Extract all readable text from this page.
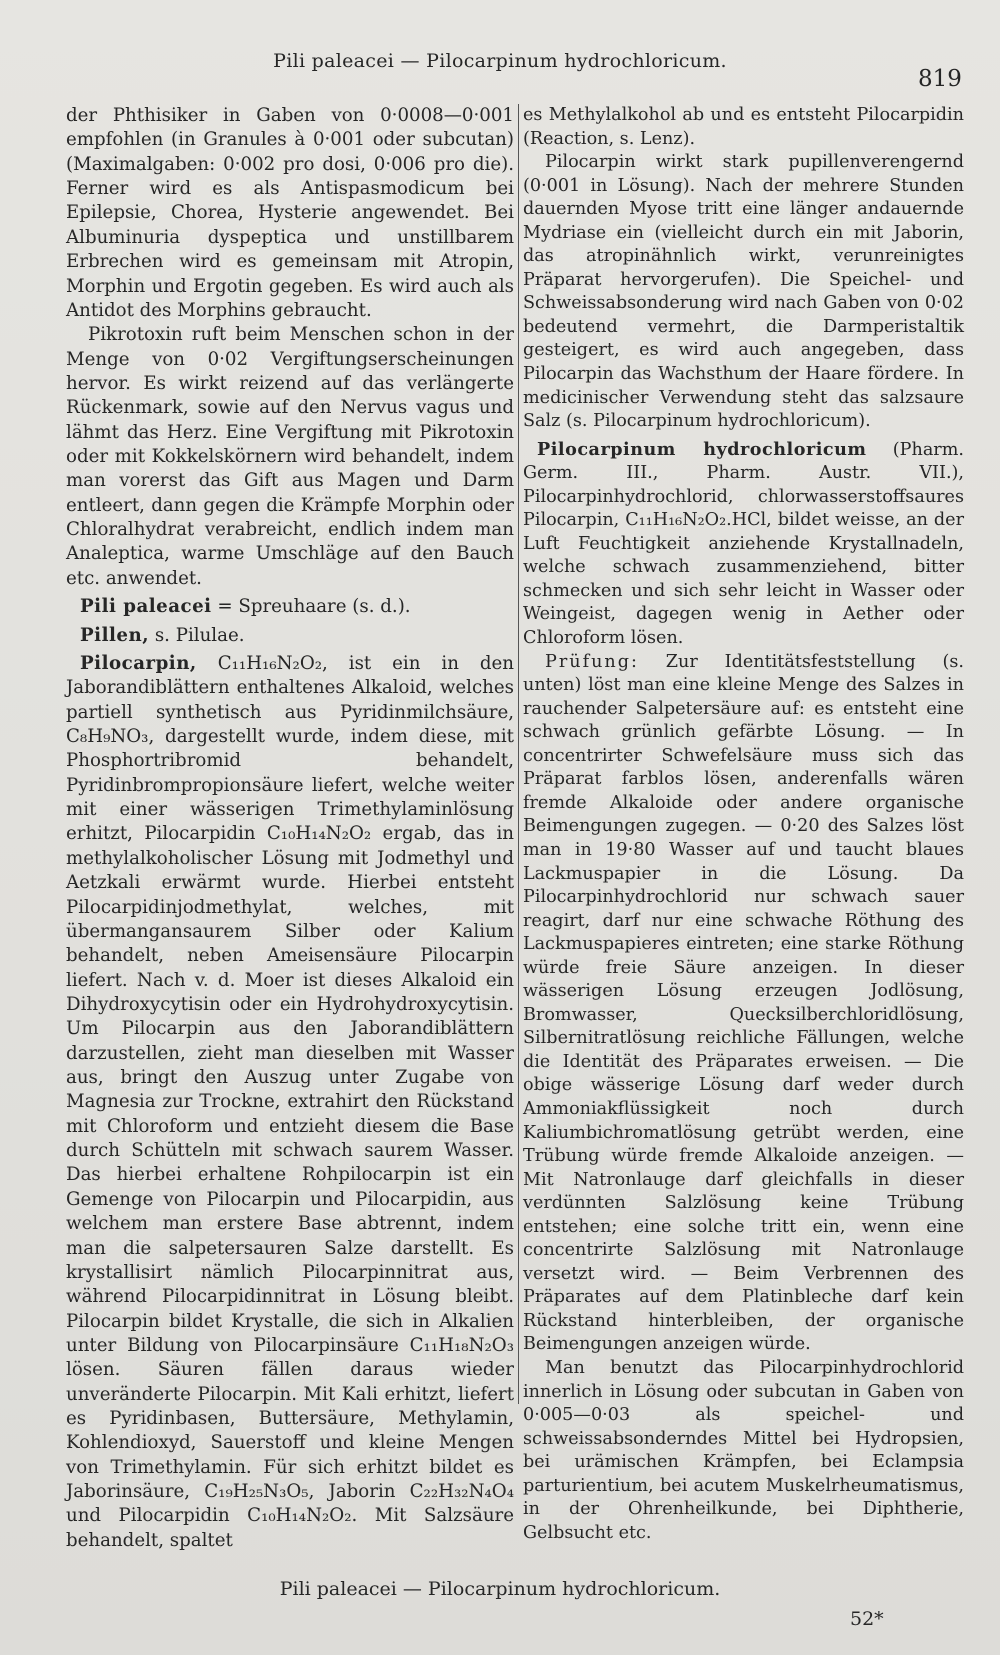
Pili paleacei — Pilocarpinum hydrochloricum.
819

der Phthisiker in Gaben von 0·0008—0·001 empfohlen (in Granules à 0·001 oder subcutan) (Maximalgaben: 0·002 pro dosi, 0·006 pro die). Ferner wird es als Antispasmodicum bei Epilepsie, Chorea, Hysterie angewendet. Bei Albuminuria dyspeptica und unstillbarem Erbrechen wird es gemeinsam mit Atropin, Morphin und Ergotin gegeben. Es wird auch als Antidot des Morphins gebraucht.

Pikrotoxin ruft beim Menschen schon in der Menge von 0·02 Vergiftungserscheinungen hervor. Es wirkt reizend auf das verlängerte Rückenmark, sowie auf den Nervus vagus und lähmt das Herz. Eine Vergiftung mit Pikrotoxin oder mit Kokkelskörnern wird behandelt, indem man vorerst das Gift aus Magen und Darm entleert, dann gegen die Krämpfe Morphin oder Chloralhydrat verabreicht, endlich indem man Analeptica, warme Umschläge auf den Bauch etc. anwendet.

Pili paleacei = Spreuhaare (s. d.).

Pillen, s. Pilulae.

Pilocarpin, C₁₁H₁₆N₂O₂, ist ein in den Jaborandiblättern enthaltenes Alkaloid, welches partiell synthetisch aus Pyridinmilchsäure, C₈H₉NO₃, dargestellt wurde, indem diese, mit Phosphortribromid behandelt, Pyridinbrompropionsäure liefert, welche weiter mit einer wässerigen Trimethylaminlösung erhitzt, Pilocarpidin C₁₀H₁₄N₂O₂ ergab, das in methylalkoholischer Lösung mit Jodmethyl und Aetzkali erwärmt wurde. Hierbei entsteht Pilocarpidinjodmethylat, welches, mit übermangansaurem Silber oder Kalium behandelt, neben Ameisensäure Pilocarpin liefert. Nach v. d. Moer ist dieses Alkaloid ein Dihydroxycytisin oder ein Hydrohydroxycytisin. Um Pilocarpin aus den Jaborandiblättern darzustellen, zieht man dieselben mit Wasser aus, bringt den Auszug unter Zugabe von Magnesia zur Trockne, extrahirt den Rückstand mit Chloroform und entzieht diesem die Base durch Schütteln mit schwach saurem Wasser. Das hierbei erhaltene Rohpilocarpin ist ein Gemenge von Pilocarpin und Pilocarpidin, aus welchem man erstere Base abtrennt, indem man die salpetersauren Salze darstellt. Es krystallisirt nämlich Pilocarpinnitrat aus, während Pilocarpidinnitrat in Lösung bleibt. Pilocarpin bildet Krystalle, die sich in Alkalien unter Bildung von Pilocarpinsäure C₁₁H₁₈N₂O₃ lösen. Säuren fällen daraus wieder unveränderte Pilocarpin. Mit Kali erhitzt, liefert es Pyridinbasen, Buttersäure, Methylamin, Kohlendioxyd, Sauerstoff und kleine Mengen von Trimethylamin. Für sich erhitzt bildet es Jaborinsäure, C₁₉H₂₅N₃O₅, Jaborin C₂₂H₃₂N₄O₄ und Pilocarpidin C₁₀H₁₄N₂O₂. Mit Salzsäure behandelt, spaltet

es Methylalkohol ab und es entsteht Pilocarpidin (Reaction, s. Lenz).

Pilocarpin wirkt stark pupillenverengernd (0·001 in Lösung). Nach der mehrere Stunden dauernden Myose tritt eine länger andauernde Mydriase ein (vielleicht durch ein mit Jaborin, das atropinähnlich wirkt, verunreinigtes Präparat hervorgerufen). Die Speichel- und Schweissabsonderung wird nach Gaben von 0·02 bedeutend vermehrt, die Darmperistaltik gesteigert, es wird auch angegeben, dass Pilocarpin das Wachsthum der Haare fördere. In medicinischer Verwendung steht das salzsaure Salz (s. Pilocarpinum hydrochloricum).

Pilocarpinum hydrochloricum (Pharm. Germ. III., Pharm. Austr. VII.), Pilocarpinhydrochlorid, chlorwasserstoffsaures Pilocarpin, C₁₁H₁₆N₂O₂.HCl, bildet weisse, an der Luft Feuchtigkeit anziehende Krystallnadeln, welche schwach zusammenziehend, bitter schmecken und sich sehr leicht in Wasser oder Weingeist, dagegen wenig in Aether oder Chloroform lösen.

Prüfung: Zur Identitätsfeststellung (s. unten) löst man eine kleine Menge des Salzes in rauchender Salpetersäure auf: es entsteht eine schwach grünlich gefärbte Lösung. — In concentrirter Schwefelsäure muss sich das Präparat farblos lösen, anderenfalls wären fremde Alkaloide oder andere organische Beimengungen zugegen. — 0·20 des Salzes löst man in 19·80 Wasser auf und taucht blaues Lackmuspapier in die Lösung. Da Pilocarpinhydrochlorid nur schwach sauer reagirt, darf nur eine schwache Röthung des Lackmuspapieres eintreten; eine starke Röthung würde freie Säure anzeigen. In dieser wässerigen Lösung erzeugen Jodlösung, Bromwasser, Quecksilberchloridlösung, Silbernitratlösung reichliche Fällungen, welche die Identität des Präparates erweisen. — Die obige wässerige Lösung darf weder durch Ammoniakflüssigkeit noch durch Kaliumbichromatlösung getrübt werden, eine Trübung würde fremde Alkaloide anzeigen. — Mit Natronlauge darf gleichfalls in dieser verdünnten Salzlösung keine Trübung entstehen; eine solche tritt ein, wenn eine concentrirte Salzlösung mit Natronlauge versetzt wird. — Beim Verbrennen des Präparates auf dem Platinbleche darf kein Rückstand hinterbleiben, der organische Beimengungen anzeigen würde.

Man benutzt das Pilocarpinhydrochlorid innerlich in Lösung oder subcutan in Gaben von 0·005—0·03 als speichel- und schweissabsonderndes Mittel bei Hydropsien, bei urämischen Krämpfen, bei Eclampsia parturientium, bei acutem Muskelrheumatismus, in der Ohrenheilkunde, bei Diphtherie, Gelbsucht etc.

Pili paleacei — Pilocarpinum hydrochloricum.
52*
